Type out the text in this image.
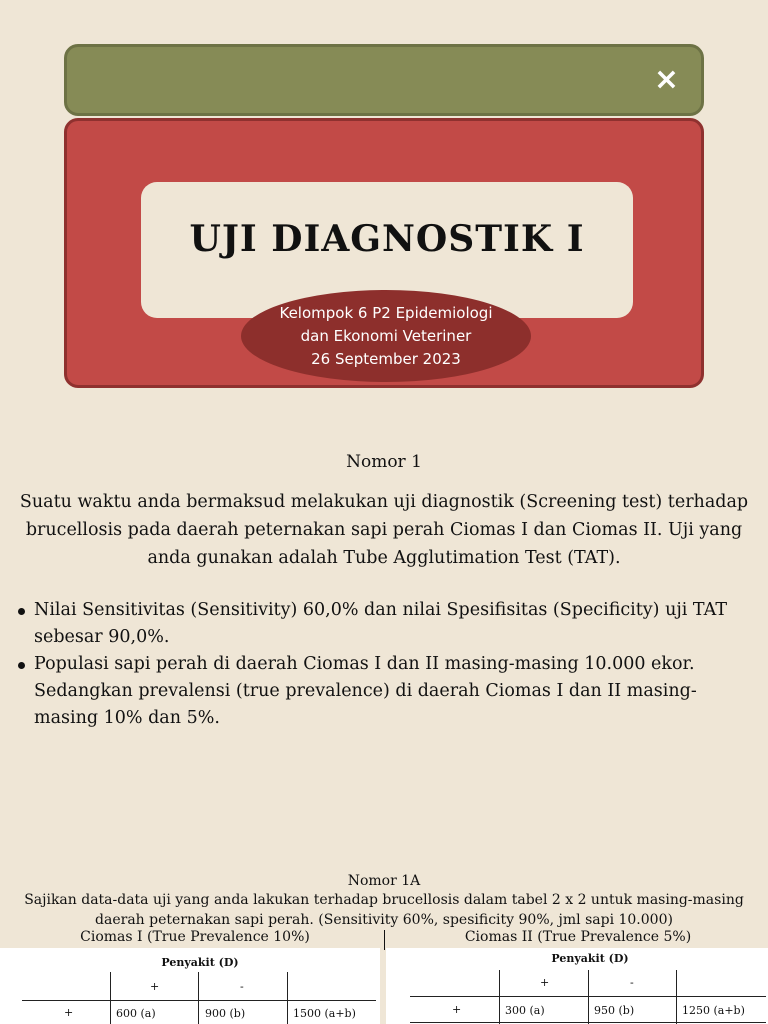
×
UJI DIAGNOSTIK I
Kelompok 6 P2 Epidemiologi
dan Ekonomi Veteriner
26 September 2023
Nomor 1
Suatu waktu anda bermaksud melakukan uji diagnostik (Screening test) terhadap brucellosis pada daerah peternakan sapi perah Ciomas I dan Ciomas II. Uji yang anda gunakan adalah Tube Agglutimation Test (TAT).
Nilai Sensitivitas (Sensitivity) 60,0% dan nilai Spesifisitas (Specificity) uji TAT sebesar 90,0%.
Populasi sapi perah di daerah Ciomas I dan II masing-masing 10.000 ekor. Sedangkan prevalensi (true prevalence) di daerah Ciomas I dan II masing-masing 10% dan 5%.
Nomor 1A
Sajikan data-data uji yang anda lakukan terhadap brucellosis dalam tabel 2 x 2 untuk masing-masing daerah peternakan sapi perah. (Sensitivity 60%, spesificity 90%, jml sapi 10.000)
Ciomas I (True Prevalence 10%)	Ciomas II (True Prevalence 5%)
Penyakit (D)
+	-
+	600 (a)	900 (b)	1500 (a+b)
Penyakit (D)
+	-
+	300 (a)	950 (b)	1250 (a+b)
